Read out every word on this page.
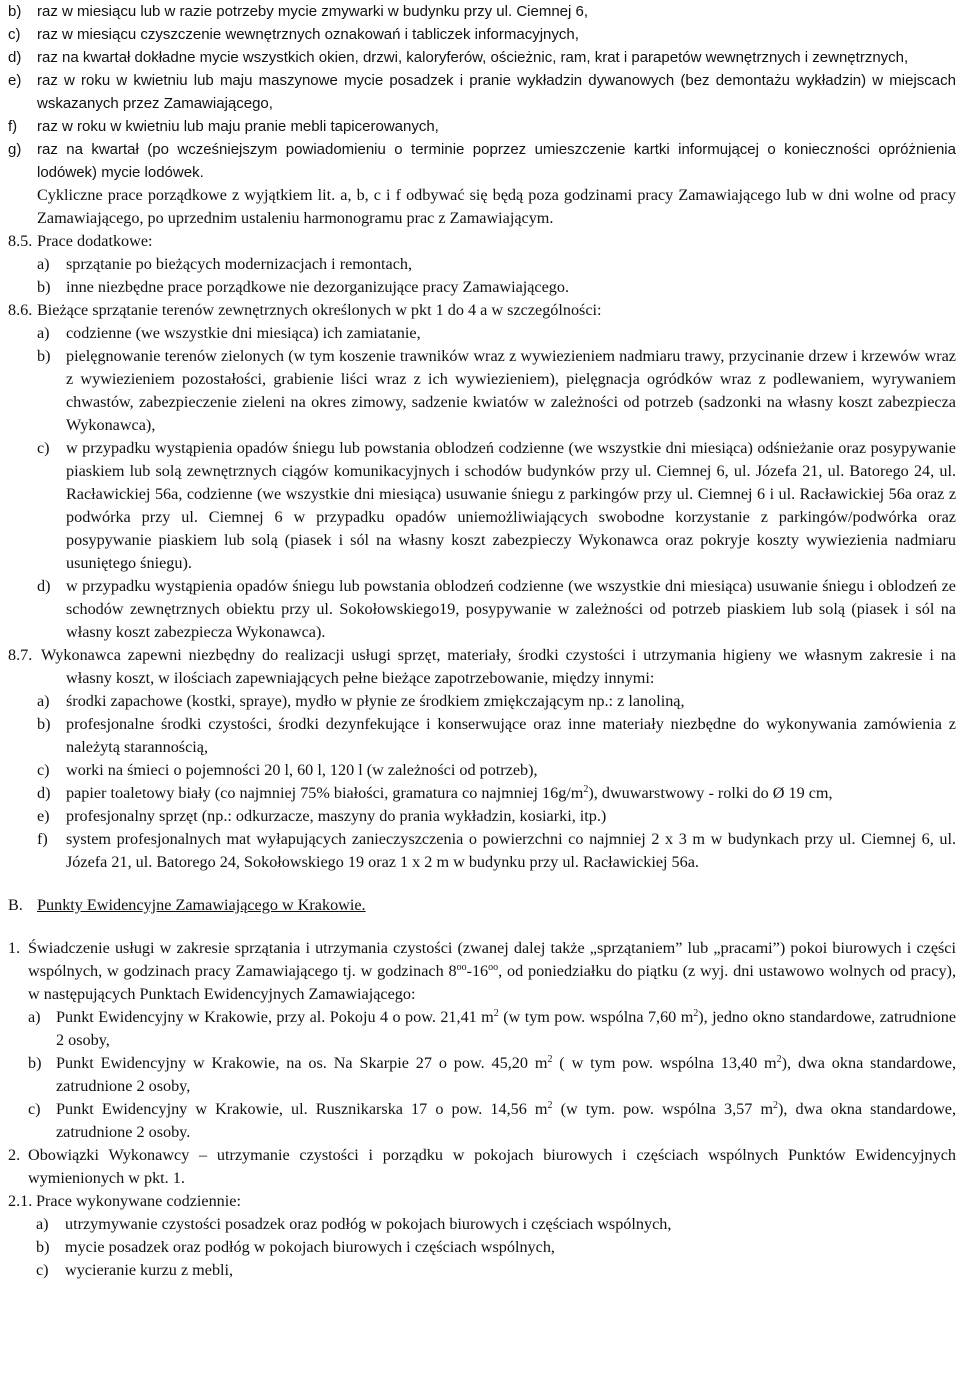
b)	raz w miesiącu lub w razie potrzeby mycie zmywarki w budynku przy ul. Ciemnej 6,
c)	raz w miesiącu czyszczenie wewnętrznych oznakowań i tabliczek informacyjnych,
d)	raz na kwartał dokładne mycie wszystkich okien, drzwi, kaloryferów, ościeżnic, ram, krat i parapetów wewnętrznych i zewnętrznych,
e)	raz w roku w kwietniu lub maju maszynowe mycie posadzek i pranie wykładzin dywanowych (bez demontażu wykładzin) w miejscach wskazanych przez Zamawiającego,
f)	raz w roku w kwietniu lub maju pranie mebli tapicerowanych,
g)	raz na kwartał (po wcześniejszym powiadomieniu o terminie poprzez umieszczenie kartki informującej o konieczności opróżnienia lodówek) mycie lodówek.
Cykliczne prace porządkowe z wyjątkiem lit. a, b, c i f odbywać się będą poza godzinami pracy Zamawiającego lub w dni wolne od pracy Zamawiającego, po uprzednim ustaleniu harmonogramu prac z Zamawiającym.
8.5. Prace dodatkowe:
a)	sprzątanie po bieżących modernizacjach i remontach,
b) inne niezbędne prace porządkowe nie dezorganizujące pracy Zamawiającego.
8.6. Bieżące sprzątanie terenów zewnętrznych określonych w pkt 1 do 4 a w szczególności:
a)	codzienne (we wszystkie dni miesiąca) ich zamiatanie,
b) pielęgnowanie terenów zielonych (w tym koszenie trawników wraz z wywiezieniem nadmiaru trawy, przycinanie drzew i krzewów wraz z wywiezieniem pozostałości, grabienie liści wraz z ich wywiezieniem), pielęgnacja ogródków wraz z podlewaniem, wyrywaniem chwastów, zabezpieczenie zieleni na okres zimowy, sadzenie kwiatów w zależności od potrzeb (sadzonki na własny koszt zabezpiecza Wykonawca),
c)	w przypadku wystąpienia opadów śniegu lub powstania oblodzeń codzienne (we wszystkie dni miesiąca) odśnieżanie oraz posypywanie piaskiem lub solą zewnętrznych ciągów komunikacyjnych i schodów budynków przy ul. Ciemnej 6, ul. Józefa 21, ul. Batorego 24, ul. Racławickiej 56a, codzienne (we wszystkie dni miesiąca) usuwanie śniegu z parkingów przy ul. Ciemnej 6 i ul. Racławickiej 56a oraz z podwórka przy ul. Ciemnej 6 w przypadku opadów uniemożliwiających swobodne korzystanie z parkingów/podwórka oraz posypywanie piaskiem lub solą (piasek i sól na własny koszt zabezpieczy Wykonawca oraz pokryje koszty wywiezienia nadmiaru usuniętego śniegu).
d) w przypadku wystąpienia opadów śniegu lub powstania oblodzeń codzienne (we wszystkie dni miesiąca) usuwanie śniegu i oblodzeń ze schodów zewnętrznych obiektu przy ul. Sokołowskiego19, posypywanie w zależności od potrzeb piaskiem lub solą (piasek i sól na własny koszt zabezpiecza Wykonawca).
8.7. Wykonawca zapewni niezbędny do realizacji usługi sprzęt, materiały, środki czystości i utrzymania higieny we własnym zakresie i na własny koszt, w ilościach zapewniających pełne bieżące zapotrzebowanie, między innymi:
a)	środki zapachowe (kostki, spraye), mydło w płynie ze środkiem zmiękczającym np.: z lanoliną,
b) profesjonalne środki czystości, środki dezynfekujące i konserwujące oraz inne materiały niezbędne do wykonywania zamówienia z należytą starannością,
c)	worki na śmieci o pojemności 20 l, 60 l, 120 l (w zależności od potrzeb),
d) papier toaletowy biały (co najmniej 75% białości, gramatura co najmniej $16g/m^2$), dwuwarstwowy - rolki do Ø 19 cm,
e)	profesjonalny sprzęt (np.: odkurzacze, maszyny do prania wykładzin, kosiarki, itp.)
f)	system profesjonalnych mat wyłapujących zanieczyszczenia o powierzchni co najmniej 2 x 3 m w budynkach przy ul. Ciemnej 6, ul. Józefa 21, ul. Batorego 24, Sokołowskiego 19 oraz 1 x 2 m w budynku przy ul. Racławickiej 56a.
B. Punkty Ewidencyjne Zamawiającego w Krakowie.
1. Świadczenie usługi w zakresie sprzątania i utrzymania czystości (zwanej dalej także „sprzątaniem” lub „pracami”) pokoi biurowych i części wspólnych, w godzinach pracy Zamawiającego tj. w godzinach $8^{oo}-16^{oo}$, od poniedziałku do piątku (z wyj. dni ustawowo wolnych od pracy), w następujących Punktach Ewidencyjnych Zamawiającego:
a) Punkt Ewidencyjny w Krakowie, przy al. Pokoju 4 o pow. 21,41 $m^2$ (w tym pow. wspólna 7,60 $m^2$), jedno okno standardowe, zatrudnione 2 osoby,
b) Punkt Ewidencyjny w Krakowie, na os. Na Skarpie 27 o pow. 45,20 $m^2$ ( w tym pow. wspólna 13,40 $m^2$), dwa okna standardowe, zatrudnione 2 osoby,
c) Punkt Ewidencyjny w Krakowie, ul. Rusznikarska 17 o pow. 14,56 $m^2$ (w tym. pow. wspólna 3,57 $m^2$), dwa okna standardowe, zatrudnione 2 osoby.
2. Obowiązki Wykonawcy – utrzymanie czystości i porządku w pokojach biurowych i częściach wspólnych Punktów Ewidencyjnych wymienionych w pkt. 1.
2.1. Prace wykonywane codziennie:
a)	utrzymywanie czystości posadzek oraz podłóg w pokojach biurowych i częściach wspólnych,
b) mycie posadzek oraz podłóg w pokojach biurowych i częściach wspólnych,
c)	wycieranie kurzu z mebli,
